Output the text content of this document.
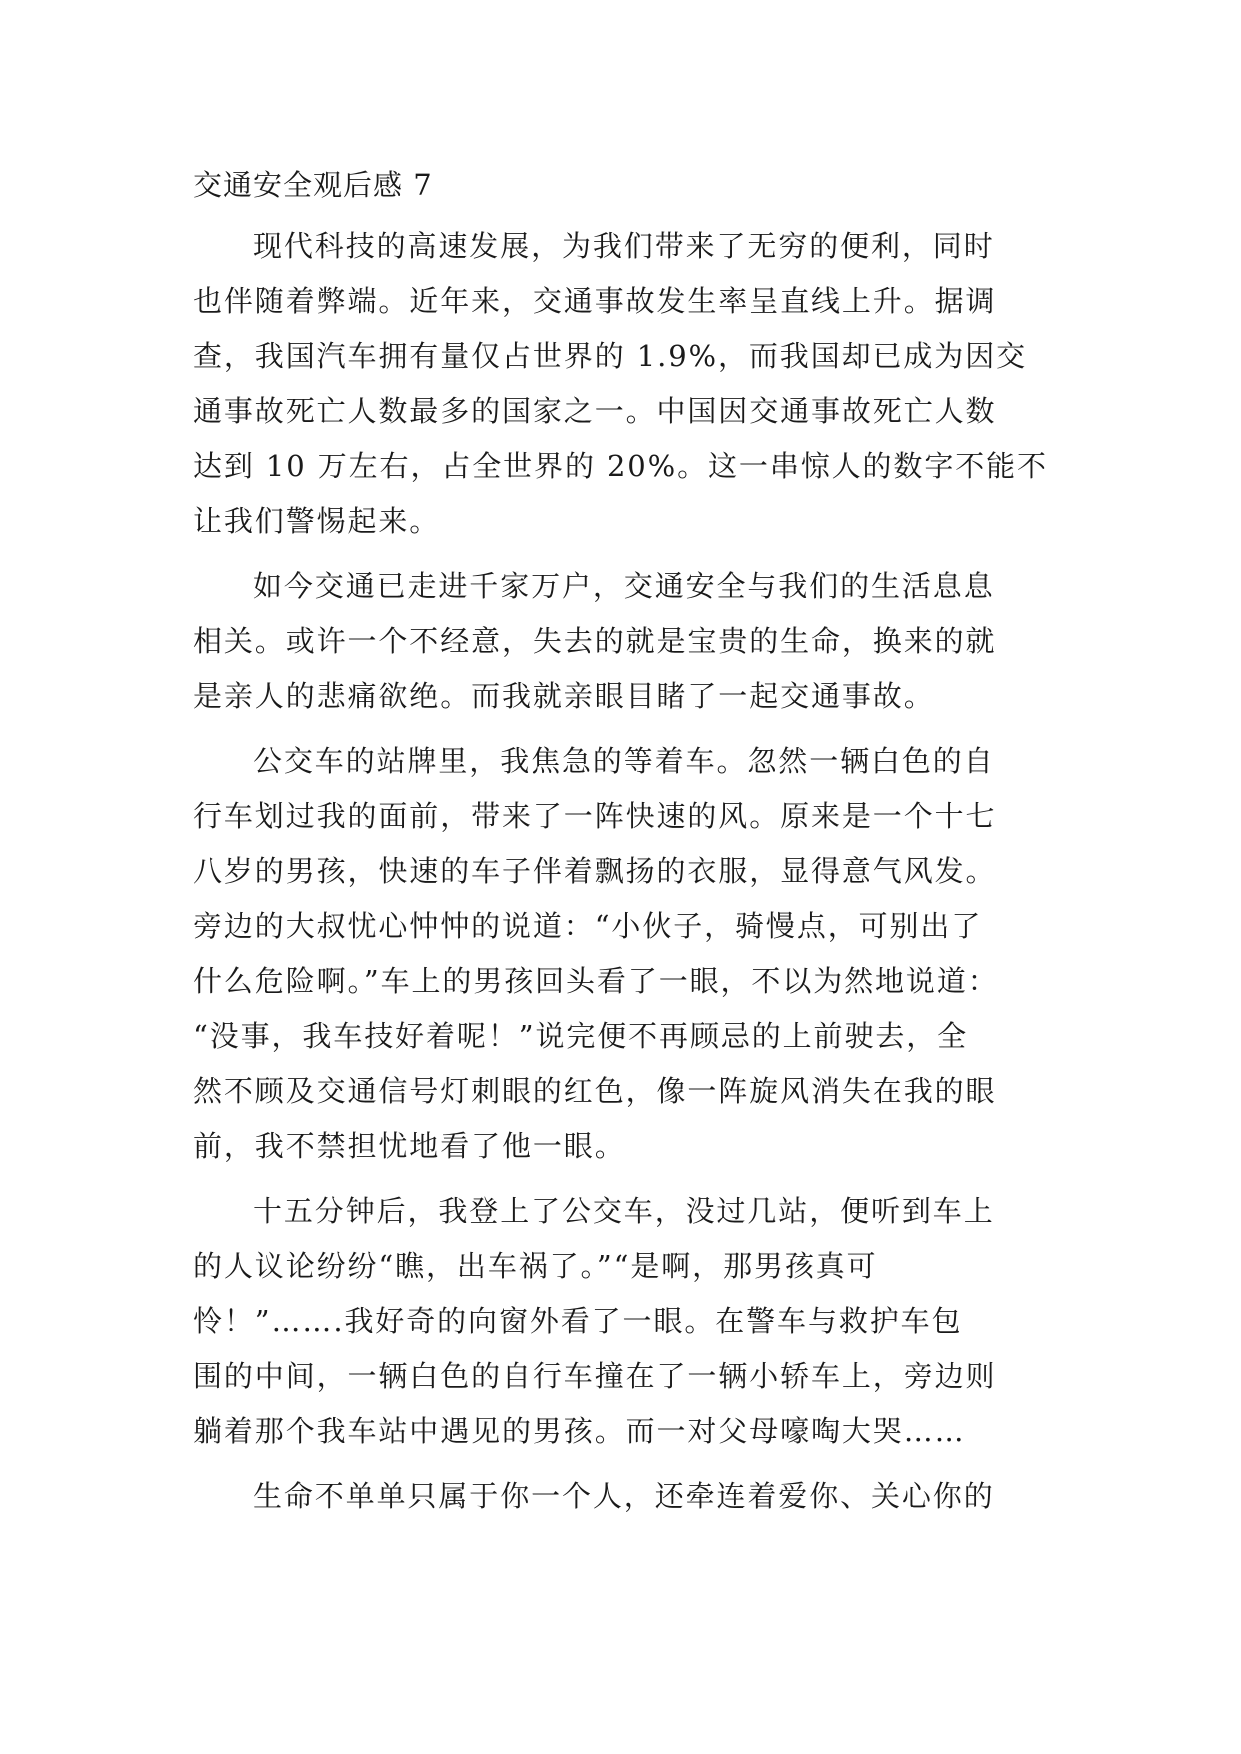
交通安全观后感 7
现代科技的高速发展，为我们带来了无穷的便利，同时
也伴随着弊端。近年来，交通事故发生率呈直线上升。据调
查，我国汽车拥有量仅占世界的 1.9%，而我国却已成为因交
通事故死亡人数最多的国家之一。中国因交通事故死亡人数
达到 10 万左右，占全世界的 20%。这一串惊人的数字不能不
让我们警惕起来。
如今交通已走进千家万户，交通安全与我们的生活息息
相关。或许一个不经意，失去的就是宝贵的生命，换来的就
是亲人的悲痛欲绝。而我就亲眼目睹了一起交通事故。
公交车的站牌里，我焦急的等着车。忽然一辆白色的自
行车划过我的面前，带来了一阵快速的风。原来是一个十七
八岁的男孩，快速的车子伴着飘扬的衣服，显得意气风发。
旁边的大叔忧心忡忡的说道：“小伙子，骑慢点，可别出了
什么危险啊。”车上的男孩回头看了一眼，不以为然地说道：
“没事，我车技好着呢！”说完便不再顾忌的上前驶去，全
然不顾及交通信号灯刺眼的红色，像一阵旋风消失在我的眼
前，我不禁担忧地看了他一眼。
十五分钟后，我登上了公交车，没过几站，便听到车上
的人议论纷纷“瞧，出车祸了。”“是啊，那男孩真可
怜！”…….我好奇的向窗外看了一眼。在警车与救护车包
围的中间，一辆白色的自行车撞在了一辆小轿车上，旁边则
躺着那个我车站中遇见的男孩。而一对父母嚎啕大哭……
生命不单单只属于你一个人，还牵连着爱你、关心你的
